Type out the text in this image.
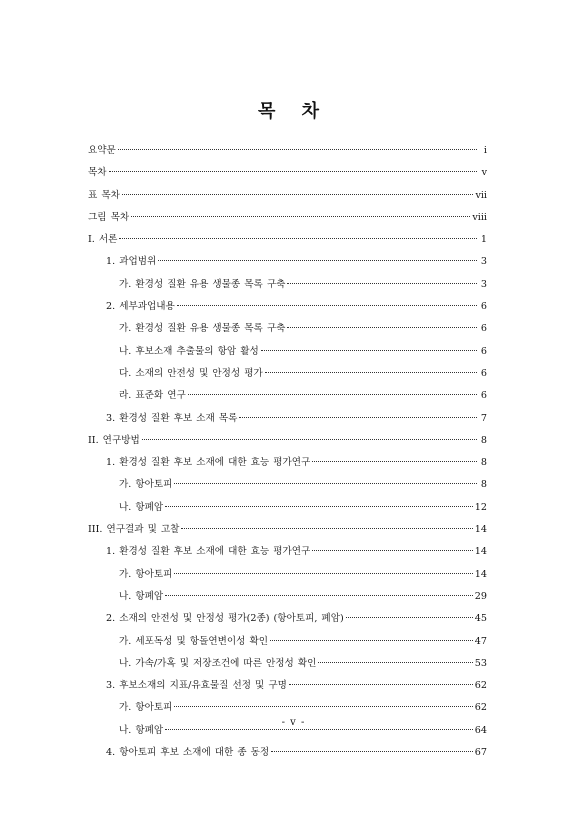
목 차
요약문	i
목차	v
표 목차	vii
그림 목차	viii
I. 서론	1
1. 과업범위	3
가. 환경성 질환 유용 생물종 목록 구축	3
2. 세부과업내용	6
가. 환경성 질환 유용 생물종 목록 구축	6
나. 후보소재 추출물의 항암 활성	6
다. 소재의 안전성 및 안정성 평가	6
라. 표준화 연구	6
3. 환경성 질환 후보 소재 목록	7
II. 연구방법	8
1. 환경성 질환 후보 소재에 대한 효능 평가연구	8
가. 항아토피	8
나. 항폐암	12
III. 연구결과 및 고찰	14
1. 환경성 질환 후보 소재에 대한 효능 평가연구	14
가. 항아토피	14
나. 항폐암	29
2. 소재의 안전성 및 안정성 평가(2종) (항아토피, 폐암)	45
가. 세포독성 및 항돌연변이성 확인	47
나. 가속/가혹 및 저장조건에 따른 안정성 확인	53
3. 후보소재의 지표/유효물질 선정 및 구명	62
가. 항아토피	62
나. 항폐암	64
4. 항아토피 후보 소재에 대한 종 동정	67
- v -
